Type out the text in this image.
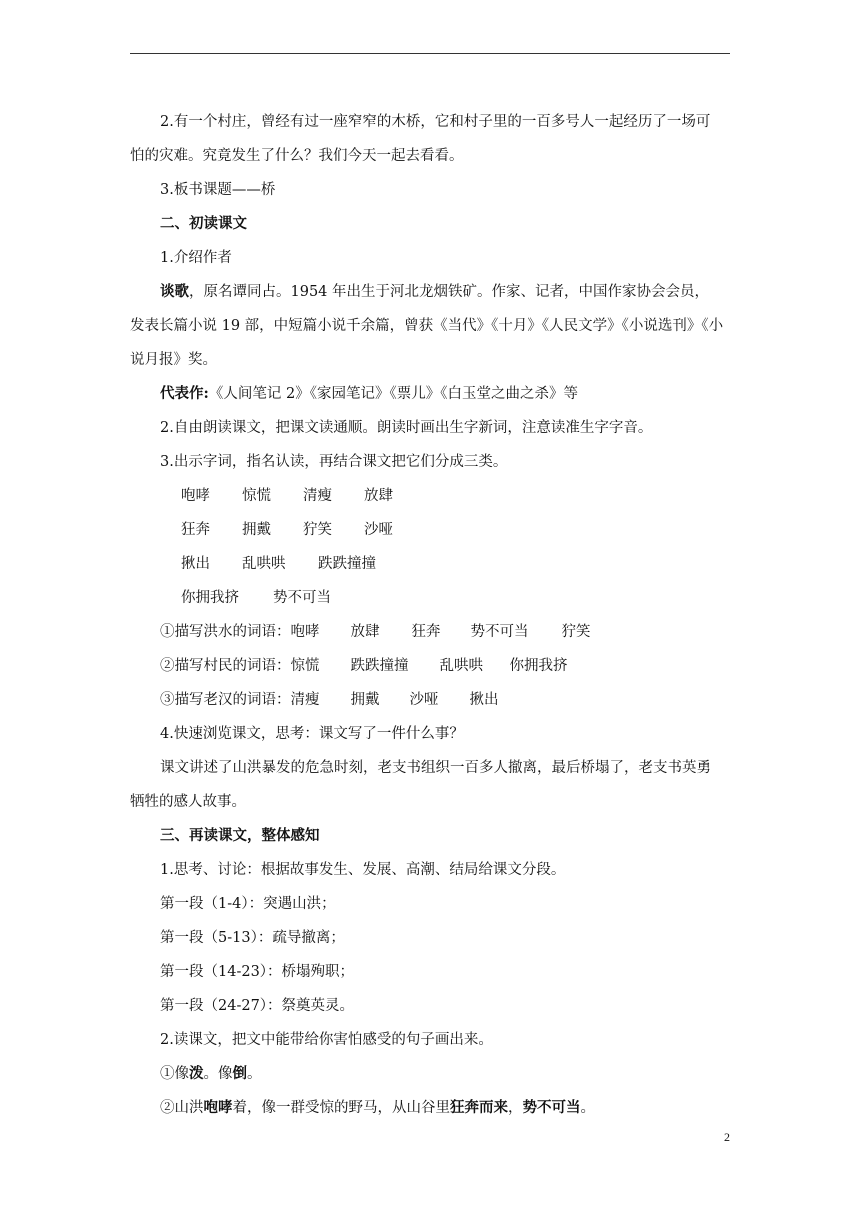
2.有一个村庄，曾经有过一座窄窄的木桥，它和村子里的一百多号人一起经历了一场可
怕的灾难。究竟发生了什么？我们今天一起去看看。
3.板书课题——桥
二、初读课文
1.介绍作者
谈歌，原名谭同占。1954 年出生于河北龙烟铁矿。作家、记者，中国作家协会会员，
发表长篇小说 19 部，中短篇小说千余篇，曾获《当代》《十月》《人民文学》《小说选刊》《小
说月报》奖。
代表作:《人间笔记 2》《家园笔记》《票儿》《白玉堂之曲之杀》等
2.自由朗读课文，把课文读通顺。朗读时画出生字新词，注意读准生字字音。
3.出示字词，指名认读，再结合课文把它们分成三类。
咆哮 惊慌 清瘦 放肆
狂奔 拥戴 狞笑 沙哑
揪出 乱哄哄 跌跌撞撞
你拥我挤 势不可当
①描写洪水的词语：咆哮 放肆 狂奔 势不可当 狞笑
②描写村民的词语：惊慌 跌跌撞撞 乱哄哄 你拥我挤
③描写老汉的词语：清瘦 拥戴 沙哑 揪出
4.快速浏览课文，思考：课文写了一件什么事？
课文讲述了山洪暴发的危急时刻，老支书组织一百多人撤离，最后桥塌了，老支书英勇
牺牲的感人故事。
三、再读课文，整体感知
1.思考、讨论：根据故事发生、发展、高潮、结局给课文分段。
第一段（1-4）：突遇山洪；
第一段（5-13）：疏导撤离；
第一段（14-23）：桥塌殉职；
第一段（24-27）：祭奠英灵。
2.读课文，把文中能带给你害怕感受的句子画出来。
①像泼。像倒。
②山洪咆哮着，像一群受惊的野马，从山谷里狂奔而来，势不可当。
2
